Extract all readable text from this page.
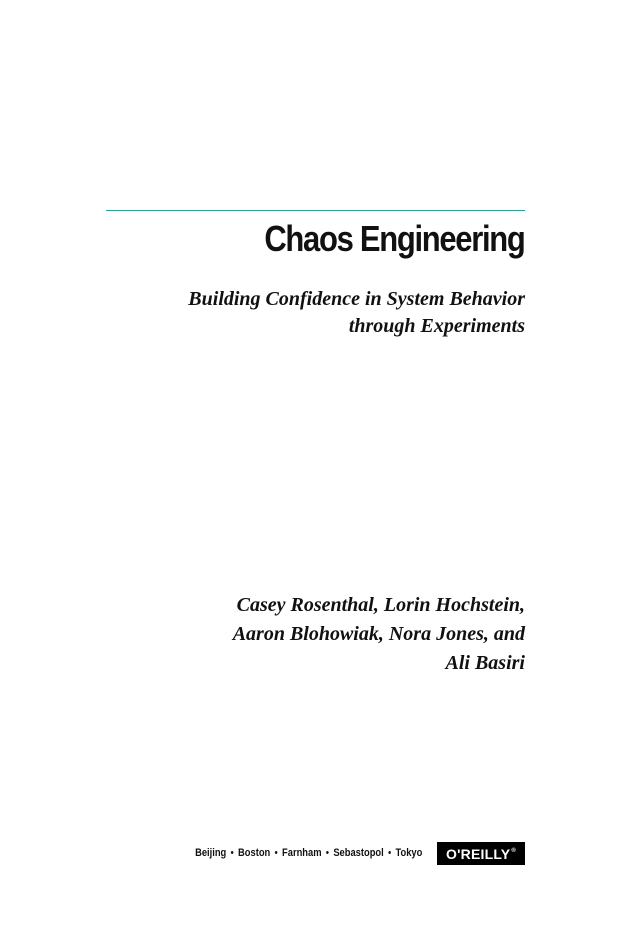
Chaos Engineering
Building Confidence in System Behavior
through Experiments
Casey Rosenthal, Lorin Hochstein,
Aaron Blohowiak, Nora Jones, and
Ali Basiri
Beijing • Boston • Farnham • Sebastopol • Tokyo O'REILLY®
